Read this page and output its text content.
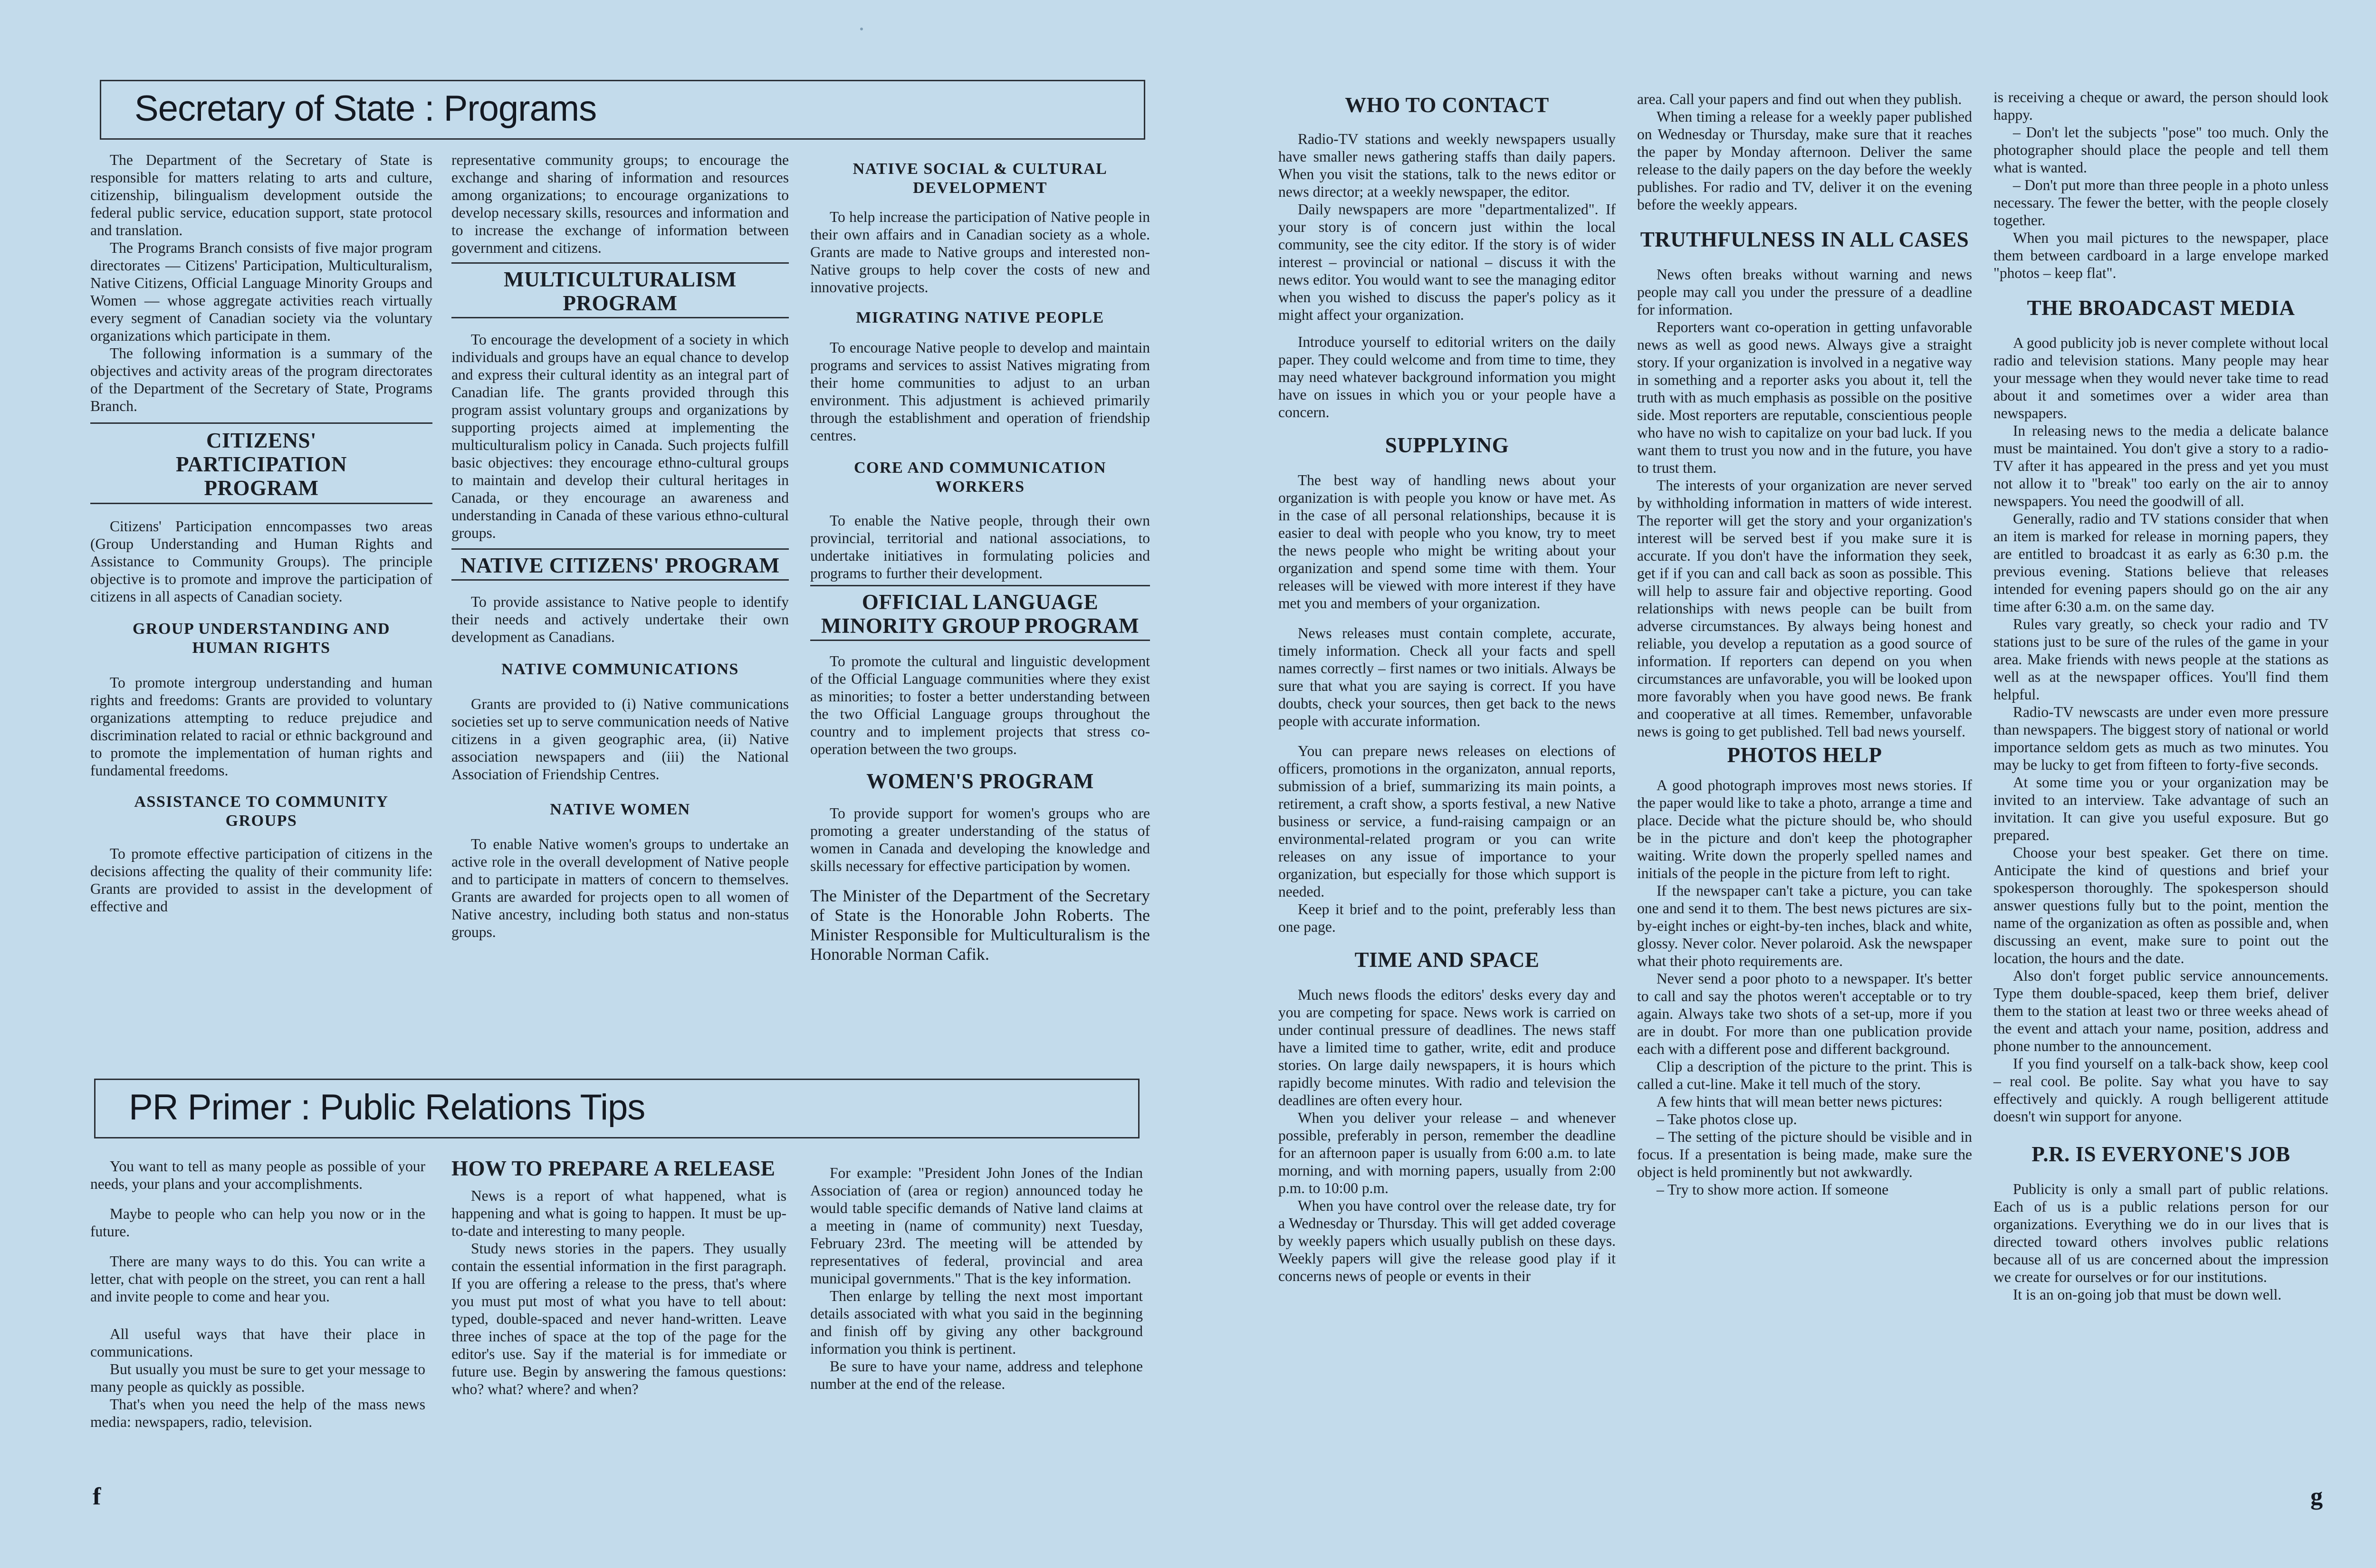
Secretary of State : Programs

The Department of the Secretary of State is responsible for matters relating to arts and culture, citizenship, bilingualism development outside the federal public service, education support, state protocol and translation.

The Programs Branch consists of five major program directorates — Citizens' Participation, Multiculturalism, Native Citizens, Official Language Minority Groups and Women — whose aggregate activities reach virtually every segment of Canadian society via the voluntary organizations which participate in them.

The following information is a summary of the objectives and activity areas of the program directorates of the Department of the Secretary of State, Programs Branch.

CITIZENS' PARTICIPATION PROGRAM

Citizens' Participation enncompasses two areas (Group Understanding and Human Rights and Assistance to Community Groups). The principle objective is to promote and improve the participation of citizens in all aspects of Canadian society.

GROUP UNDERSTANDING AND HUMAN RIGHTS

To promote intergroup understanding and human rights and freedoms: Grants are provided to voluntary organizations attempting to reduce prejudice and discrimination related to racial or ethnic background and to promote the implementation of human rights and fundamental freedoms.

ASSISTANCE TO COMMUNITY GROUPS

To promote effective participation of citizens in the decisions affecting the quality of their community life: Grants are provided to assist in the development of effective and

representative community groups; to encourage the exchange and sharing of information and resources among organizations; to encourage organizations to develop necessary skills, resources and information and to increase the exchange of information between government and citizens.

MULTICULTURALISM PROGRAM

To encourage the development of a society in which individuals and groups have an equal chance to develop and express their cultural identity as an integral part of Canadian life. The grants provided through this program assist voluntary groups and organizations by supporting projects aimed at implementing the multiculturalism policy in Canada. Such projects fulfill basic objectives: they encourage ethno-cultural groups to maintain and develop their cultural heritages in Canada, or they encourage an awareness and understanding in Canada of these various ethno-cultural groups.

NATIVE CITIZENS' PROGRAM

To provide assistance to Native people to identify their needs and actively undertake their own development as Canadians.

NATIVE COMMUNICATIONS

Grants are provided to (i) Native communications societies set up to serve communication needs of Native citizens in a given geographic area, (ii) Native association newspapers and (iii) the National Association of Friendship Centres.

NATIVE WOMEN

To enable Native women's groups to undertake an active role in the overall development of Native people and to participate in matters of concern to themselves. Grants are awarded for projects open to all women of Native ancestry, including both status and non-status groups.

NATIVE SOCIAL & CULTURAL DEVELOPMENT

To help increase the participation of Native people in their own affairs and in Canadian society as a whole. Grants are made to Native groups and interested non-Native groups to help cover the costs of new and innovative projects.

MIGRATING NATIVE PEOPLE

To encourage Native people to develop and maintain programs and services to assist Natives migrating from their home communities to adjust to an urban environment. This adjustment is achieved primarily through the establishment and operation of friendship centres.

CORE AND COMMUNICATION WORKERS

To enable the Native people, through their own provincial, territorial and national associations, to undertake initiatives in formulating policies and programs to further their development.

OFFICIAL LANGUAGE MINORITY GROUP PROGRAM

To promote the cultural and linguistic development of the Official Language communities where they exist as minorities; to foster a better understanding between the two Official Language groups throughout the country and to implement projects that stress co-operation between the two groups.

WOMEN'S PROGRAM

To provide support for women's groups who are promoting a greater understanding of the status of women in Canada and developing the knowledge and skills necessary for effective participation by women.

The Minister of the Department of the Secretary of State is the Honorable John Roberts. The Minister Responsible for Multiculturalism is the Honorable Norman Cafik.

PR Primer : Public Relations Tips

You want to tell as many people as possible of your needs, your plans and your accomplishments.

Maybe to people who can help you now or in the future.

There are many ways to do this. You can write a letter, chat with people on the street, you can rent a hall and invite people to come and hear you.

All useful ways that have their place in communications.

But usually you must be sure to get your message to many people as quickly as possible.

That's when you need the help of the mass news media: newspapers, radio, television.

HOW TO PREPARE A RELEASE

News is a report of what happened, what is happening and what is going to happen. It must be up-to-date and interesting to many people.

Study news stories in the papers. They usually contain the essential information in the first paragraph. If you are offering a release to the press, that's where you must put most of what you have to tell about: typed, double-spaced and never hand-written. Leave three inches of space at the top of the page for the editor's use. Say if the material is for immediate or future use. Begin by answering the famous questions: who? what? where? and when?

For example: "President John Jones of the Indian Association of (area or region) announced today he would table specific demands of Native land claims at a meeting in (name of community) next Tuesday, February 23rd. The meeting will be attended by representatives of federal, provincial and area municipal governments." That is the key information.

Then enlarge by telling the next most important details associated with what you said in the beginning and finish off by giving any other background information you think is pertinent.

Be sure to have your name, address and telephone number at the end of the release.

f
WHO TO CONTACT

Radio-TV stations and weekly newspapers usually have smaller news gathering staffs than daily papers. When you visit the stations, talk to the news editor or news director; at a weekly newspaper, the editor.

Daily newspapers are more "departmentalized". If your story is of concern just within the local community, see the city editor. If the story is of wider interest – provincial or national – discuss it with the news editor. You would want to see the managing editor when you wished to discuss the paper's policy as it might affect your organization.

Introduce yourself to editorial writers on the daily paper. They could welcome and from time to time, they may need whatever background information you might have on issues in which you or your people have a concern.

SUPPLYING

The best way of handling news about your organization is with people you know or have met. As in the case of all personal relationships, because it is easier to deal with people who you know, try to meet the news people who might be writing about your organization and spend some time with them. Your releases will be viewed with more interest if they have met you and members of your organization.

News releases must contain complete, accurate, timely information. Check all your facts and spell names correctly – first names or two initials. Always be sure that what you are saying is correct. If you have doubts, check your sources, then get back to the news people with accurate information.

You can prepare news releases on elections of officers, promotions in the organizaton, annual reports, submission of a brief, summarizing its main points, a retirement, a craft show, a sports festival, a new Native business or service, a fund-raising campaign or an environmental-related program or you can write releases on any issue of importance to your organization, but especially for those which support is needed.

Keep it brief and to the point, preferably less than one page.

TIME AND SPACE

Much news floods the editors' desks every day and you are competing for space. News work is carried on under continual pressure of deadlines. The news staff have a limited time to gather, write, edit and produce stories. On large daily newspapers, it is hours which rapidly become minutes. With radio and television the deadlines are often every hour.

When you deliver your release – and whenever possible, preferably in person, remember the deadline for an afternoon paper is usually from 6:00 a.m. to late morning, and with morning papers, usually from 2:00 p.m. to 10:00 p.m.

When you have control over the release date, try for a Wednesday or Thursday. This will get added coverage by weekly papers which usually publish on these days. Weekly papers will give the release good play if it concerns news of people or events in their

area. Call your papers and find out when they publish.

When timing a release for a weekly paper published on Wednesday or Thursday, make sure that it reaches the paper by Monday afternoon. Deliver the same release to the daily papers on the day before the weekly publishes. For radio and TV, deliver it on the evening before the weekly appears.

TRUTHFULNESS IN ALL CASES

News often breaks without warning and news people may call you under the pressure of a deadline for information.

Reporters want co-operation in getting unfavorable news as well as good news. Always give a straight story. If your organization is involved in a negative way in something and a reporter asks you about it, tell the truth with as much emphasis as possible on the positive side. Most reporters are reputable, conscientious people who have no wish to capitalize on your bad luck. If you want them to trust you now and in the future, you have to trust them.

The interests of your organization are never served by withholding information in matters of wide interest. The reporter will get the story and your organization's interest will be served best if you make sure it is accurate. If you don't have the information they seek, get if if you can and call back as soon as possible. This will help to assure fair and objective reporting. Good relationships with news people can be built from adverse circumstances. By always being honest and reliable, you develop a reputation as a good source of information. If reporters can depend on you when circumstances are unfavorable, you will be looked upon more favorably when you have good news. Be frank and cooperative at all times. Remember, unfavorable news is going to get published. Tell bad news yourself.

PHOTOS HELP

A good photograph improves most news stories. If the paper would like to take a photo, arrange a time and place. Decide what the picture should be, who should be in the picture and don't keep the photographer waiting. Write down the properly spelled names and initials of the people in the picture from left to right.

If the newspaper can't take a picture, you can take one and send it to them. The best news pictures are six-by-eight inches or eight-by-ten inches, black and white, glossy. Never color. Never polaroid. Ask the newspaper what their photo requirements are.

Never send a poor photo to a newspaper. It's better to call and say the photos weren't acceptable or to try again. Always take two shots of a set-up, more if you are in doubt. For more than one publication provide each with a different pose and different background.

Clip a description of the picture to the print. This is called a cut-line. Make it tell much of the story.

A few hints that will mean better news pictures:

– Take photos close up.

– The setting of the picture should be visible and in focus. If a presentation is being made, make sure the object is held prominently but not awkwardly.

– Try to show more action. If someone

is receiving a cheque or award, the person should look happy.

– Don't let the subjects "pose" too much. Only the photographer should place the people and tell them what is wanted.

– Don't put more than three people in a photo unless necessary. The fewer the better, with the people closely together.

When you mail pictures to the newspaper, place them between cardboard in a large envelope marked "photos – keep flat".

THE BROADCAST MEDIA

A good publicity job is never complete without local radio and television stations. Many people may hear your message when they would never take time to read about it and sometimes over a wider area than newspapers.

In releasing news to the media a delicate balance must be maintained. You don't give a story to a radio-TV after it has appeared in the press and yet you must not allow it to "break" too early on the air to annoy newspapers. You need the goodwill of all.

Generally, radio and TV stations consider that when an item is marked for release in morning papers, they are entitled to broadcast it as early as 6:30 p.m. the previous evening. Stations believe that releases intended for evening papers should go on the air any time after 6:30 a.m. on the same day.

Rules vary greatly, so check your radio and TV stations just to be sure of the rules of the game in your area. Make friends with news people at the stations as well as at the newspaper offices. You'll find them helpful.

Radio-TV newscasts are under even more pressure than newspapers. The biggest story of national or world importance seldom gets as much as two minutes. You may be lucky to get from fifteen to forty-five seconds.

At some time you or your organization may be invited to an interview. Take advantage of such an invitation. It can give you useful exposure. But go prepared.

Choose your best speaker. Get there on time. Anticipate the kind of questions and brief your spokesperson thoroughly. The spokesperson should answer questions fully but to the point, mention the name of the organization as often as possible and, when discussing an event, make sure to point out the location, the hours and the date.

Also don't forget public service announcements. Type them double-spaced, keep them brief, deliver them to the station at least two or three weeks ahead of the event and attach your name, position, address and phone number to the announcement.

If you find yourself on a talk-back show, keep cool – real cool. Be polite. Say what you have to say effectively and quickly. A rough belligerent attitude doesn't win support for anyone.

P.R. IS EVERYONE'S JOB

Publicity is only a small part of public relations. Each of us is a public relations person for our organizations. Everything we do in our lives that is directed toward others involves public relations because all of us are concerned about the impression we create for ourselves or for our institutions.

It is an on-going job that must be down well.

g
